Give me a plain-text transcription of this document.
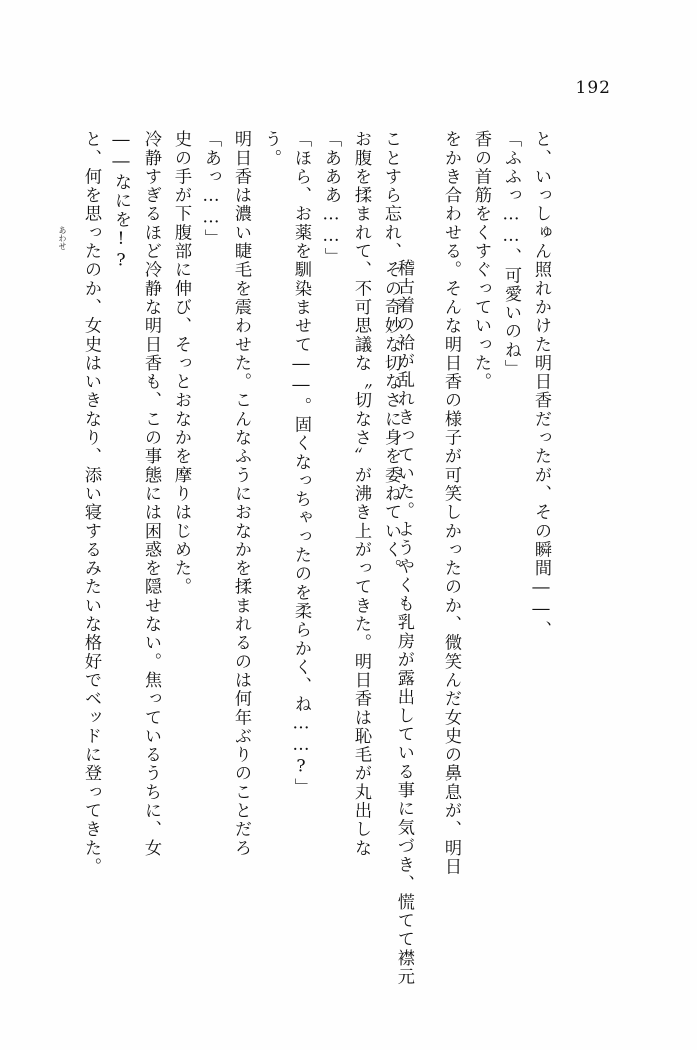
192
と、何を思ったのか、女史はいきなり、添い寝するみたいな格好でベッドに登ってきた。 ――なにを!? 冷静すぎるほど冷静な明日香も、この事態には困惑を隠せない。焦っているうちに、女 史の手が下腹部に伸び、そっとおなかを摩りはじめた。 「あっ……」 明日香は濃い睫毛を震わせた。こんなふうにおなかを揉まれるのは何年ぶりのことだろ う。 「ほら、お薬を馴染ませて――。固くなっちゃったのを柔らかく、ね……?」 「あああ……」 お腹を揉まれて、不可思議な〝切なさ〟が沸き上がってきた。明日香は恥毛が丸出しな ことすら忘れ、その奇妙な切なさに身を委ねていく。

稽古着の袷が乱れきっていた。ようやくも乳房が露出している事に気づき、慌てて襟元

あわせ

	をかき合わせる。そんな明日香の様子が可笑しかったのか、微笑んだ女史の鼻息が、明日 香の首筋をくすぐっていった。 「ふふっ……、可愛いのね」 と、いっしゅん照れかけた明日香だったが、その瞬間――、
